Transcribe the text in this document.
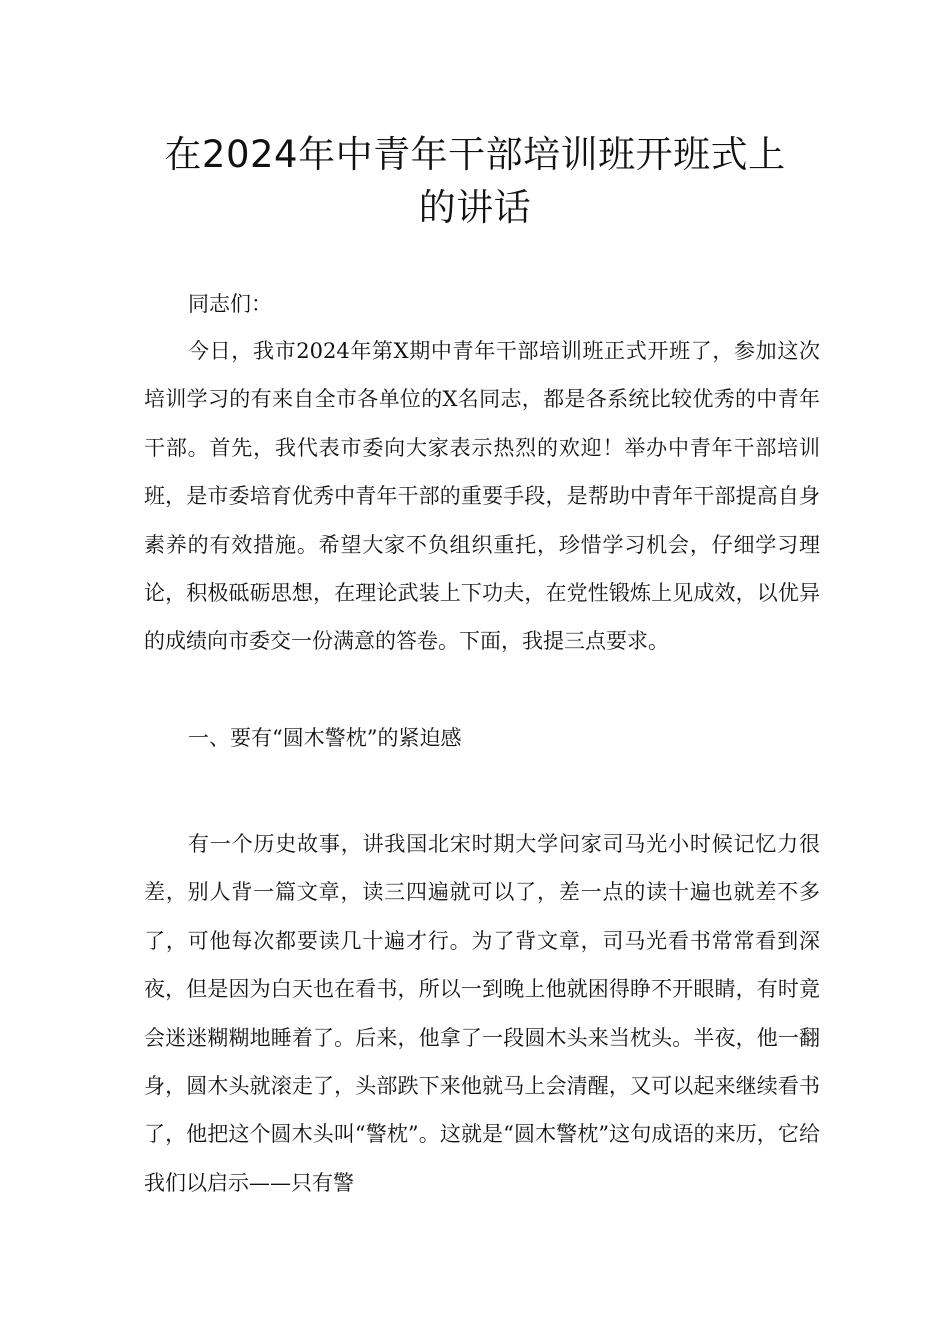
在2024年中青年干部培训班开班式上
的讲话

同志们：

今日，我市2024年第X期中青年干部培训班正式开班了，参加这次培训学习的有来自全市各单位的X名同志，都是各系统比较优秀的中青年干部。首先，我代表市委向大家表示热烈的欢迎！举办中青年干部培训班，是市委培育优秀中青年干部的重要手段，是帮助中青年干部提高自身素养的有效措施。希望大家不负组织重托，珍惜学习机会，仔细学习理论，积极砥砺思想，在理论武装上下功夫，在党性锻炼上见成效，以优异的成绩向市委交一份满意的答卷。下面，我提三点要求。

一、要有“圆木警枕”的紧迫感

有一个历史故事，讲我国北宋时期大学问家司马光小时候记忆力很差，别人背一篇文章，读三四遍就可以了，差一点的读十遍也就差不多了，可他每次都要读几十遍才行。为了背文章，司马光看书常常看到深夜，但是因为白天也在看书，所以一到晚上他就困得睁不开眼睛，有时竟会迷迷糊糊地睡着了。后来，他拿了一段圆木头来当枕头。半夜，他一翻身，圆木头就滚走了，头部跌下来他就马上会清醒，又可以起来继续看书了，他把这个圆木头叫“警枕”。这就是“圆木警枕”这句成语的来历，它给我们以启示——只有警
